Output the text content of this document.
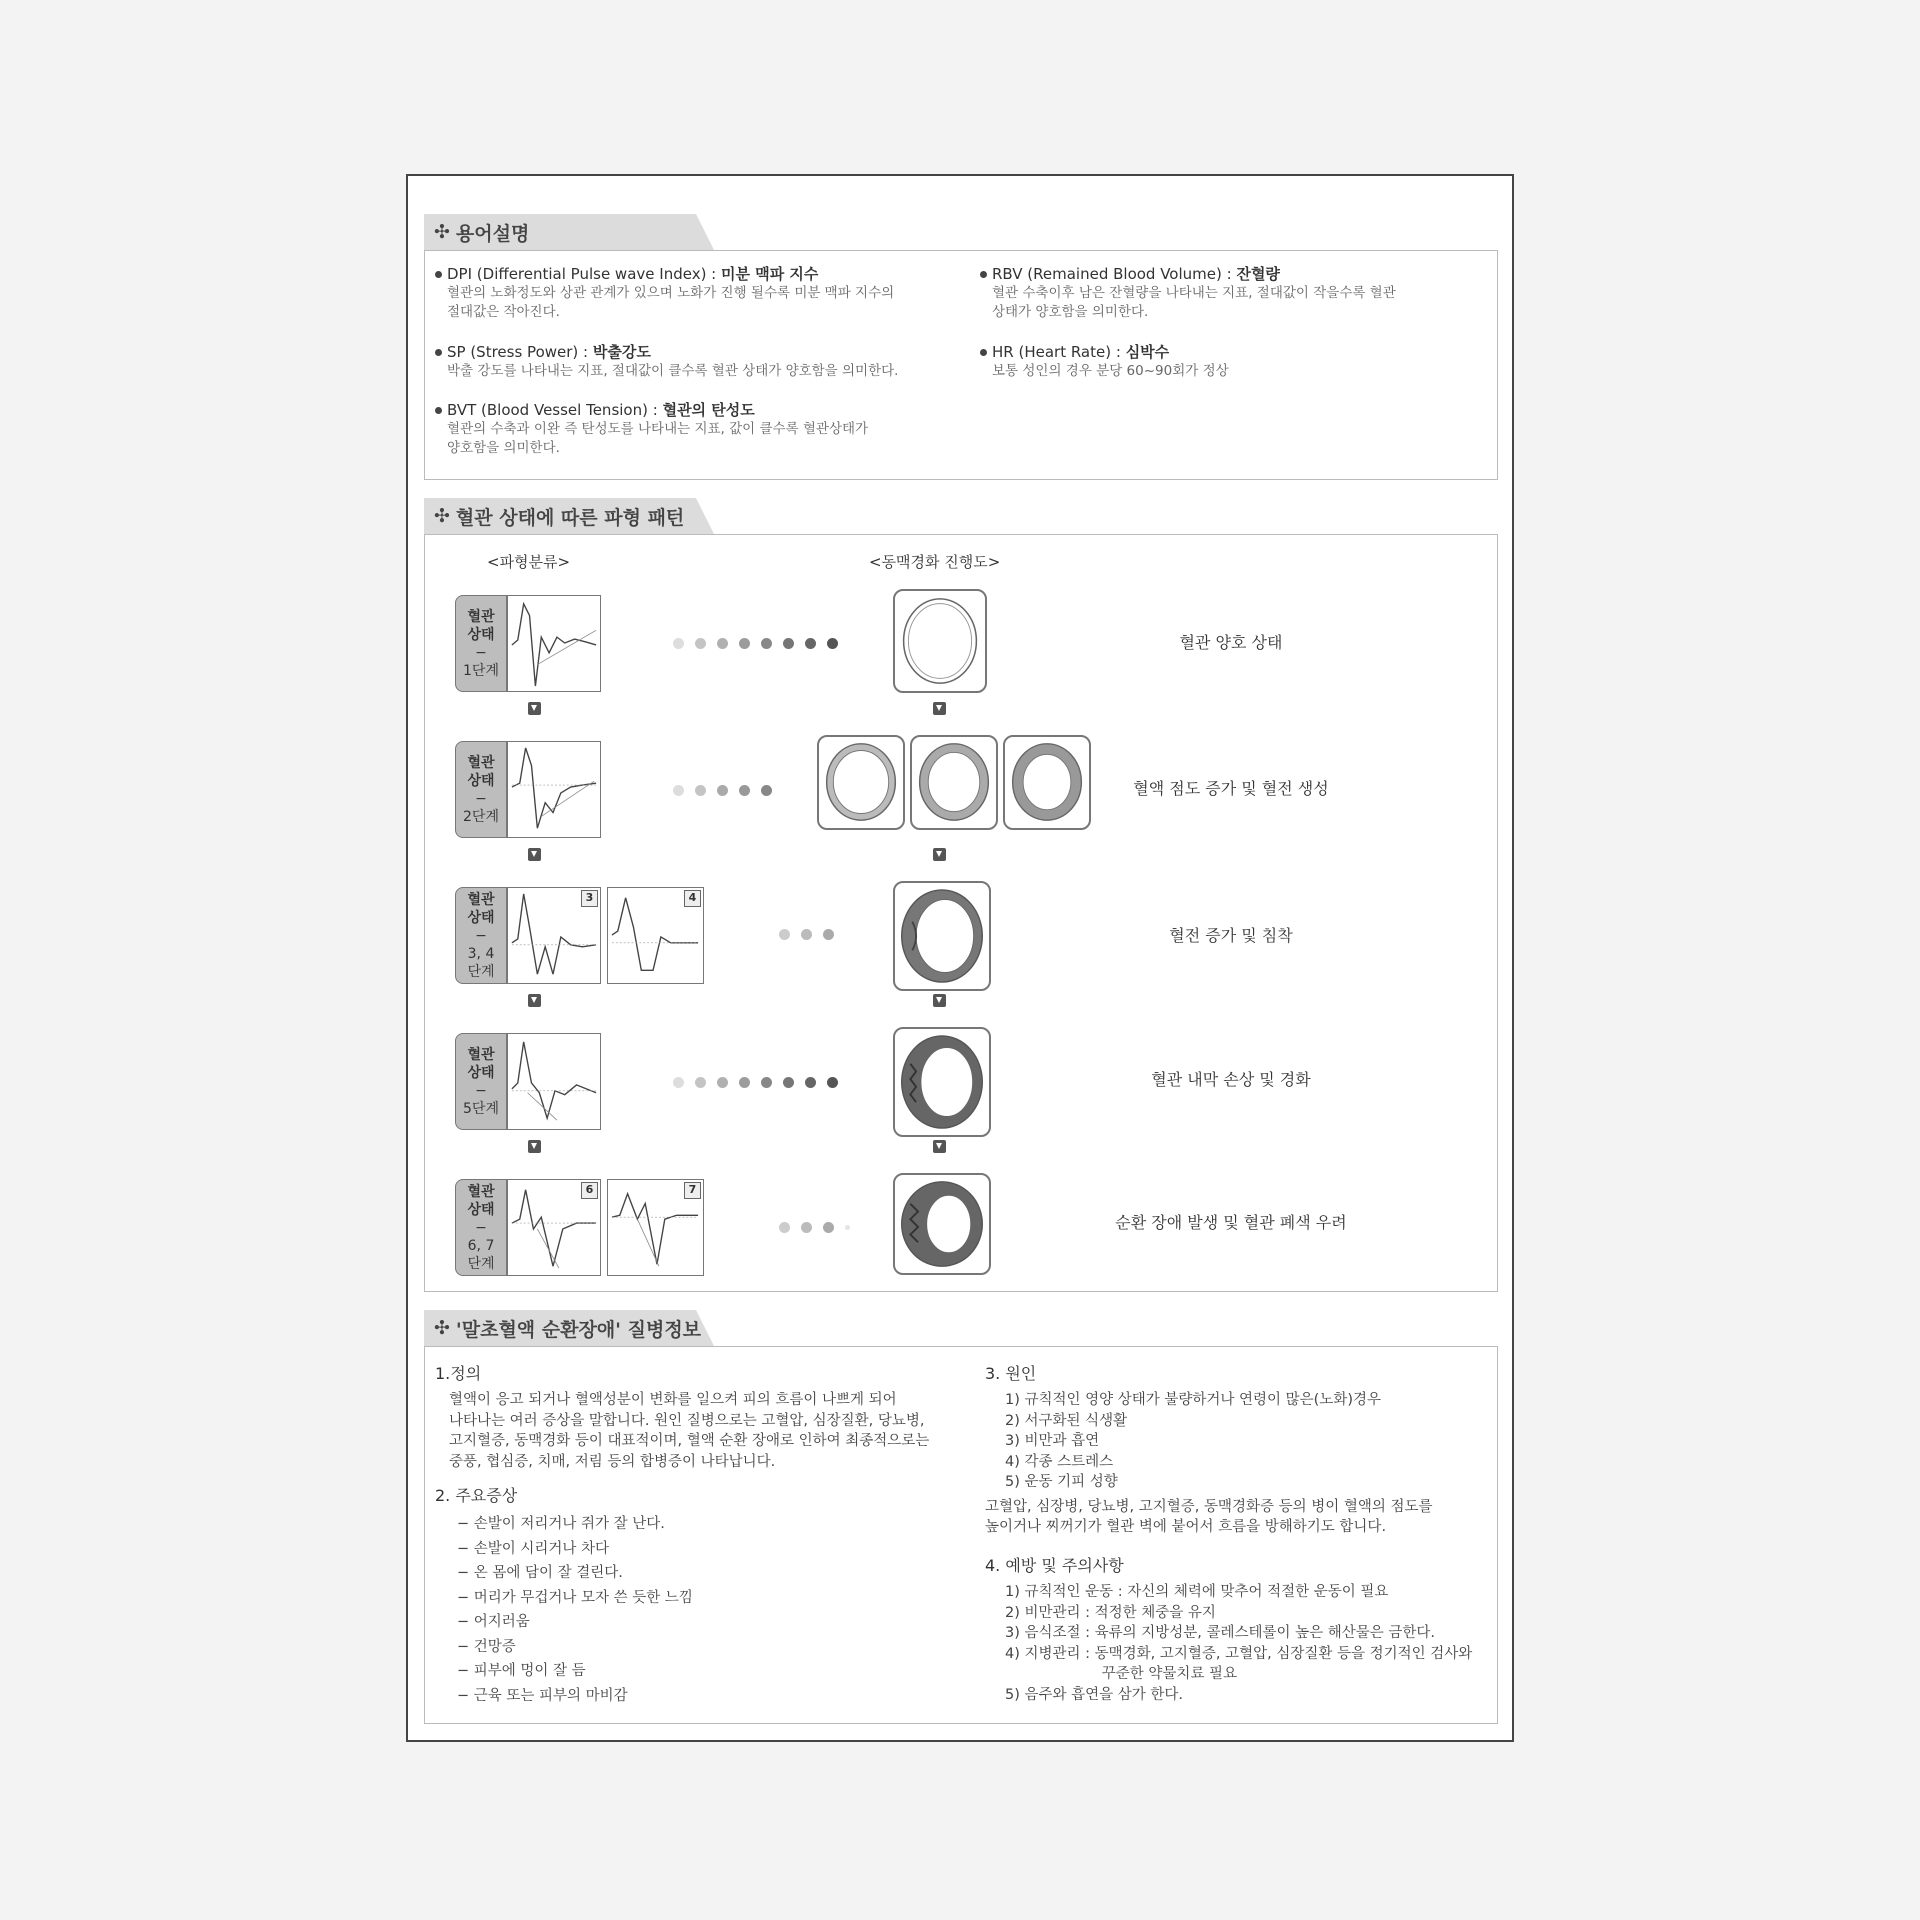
✣ 용어설명
DPI (Differential Pulse wave Index) : 미분 맥파 지수
혈관의 노화정도와 상관 관계가 있으며 노화가 진행 될수록 미분 맥파 지수의
절대값은 작아진다.
SP (Stress Power) : 박출강도
박출 강도를 나타내는 지표, 절대값이 클수록 혈관 상태가 양호함을 의미한다.
BVT (Blood Vessel Tension) : 혈관의 탄성도
혈관의 수축과 이완 즉 탄성도를 나타내는 지표, 값이 클수록 혈관상태가
양호함을 의미한다.
RBV (Remained Blood Volume) : 잔혈량
혈관 수축이후 남은 잔혈량을 나타내는 지표, 절대값이 작을수록 혈관
상태가 양호함을 의미한다.
HR (Heart Rate) : 심박수
보통 성인의 경우 분당 60~90회가 정상
✣ 혈관 상태에 따른 파형 패턴
<파형분류>	<동맥경화 진행도>
혈관
상태
−
1단계
혈관 양호 상태
혈관
상태
−
2단계
혈액 점도 증가 및 혈전 생성
혈관
상태
−
3, 4
단계
3	4
혈전 증가 및 침착
혈관
상태
−
5단계
혈관 내막 손상 및 경화
혈관
상태
−
6, 7
단계
6	7
순환 장애 발생 및 혈관 폐색 우려
✣ '말초혈액 순환장애' 질병정보
1.정의
혈액이 응고 되거나 혈액성분이 변화를 일으켜 피의 흐름이 나쁘게 되어
나타나는 여러 증상을 말합니다. 원인 질병으로는 고혈압, 심장질환, 당뇨병,
고지혈증, 동맥경화 등이 대표적이며, 혈액 순환 장애로 인하여 최종적으로는
중풍, 협심증, 치매, 저림 등의 합병증이 나타납니다.
2. 주요증상
− 손발이 저리거나 쥐가 잘 난다.
− 손발이 시리거나 차다
− 온 몸에 담이 잘 결린다.
− 머리가 무겁거나 모자 쓴 듯한 느낌
− 어지러움
− 건망증
− 피부에 멍이 잘 듬
− 근육 또는 피부의 마비감
3. 원인
1) 규칙적인 영양 상태가 불량하거나 연령이 많은(노화)경우
2) 서구화된 식생활
3) 비만과 흡연
4) 각종 스트레스
5) 운동 기피 성향
고혈압, 심장병, 당뇨병, 고지혈증, 동맥경화증 등의 병이 혈액의 점도를
높이거나 찌꺼기가 혈관 벽에 붙어서 흐름을 방해하기도 합니다.
4. 예방 및 주의사항
1) 규칙적인 운동 : 자신의 체력에 맞추어 적절한 운동이 필요
2) 비만관리 : 적정한 체중을 유지
3) 음식조절 : 육류의 지방성분, 콜레스테롤이 높은 해산물은 금한다.
4) 지병관리 : 동맥경화, 고지혈증, 고혈압, 심장질환 등을 정기적인 검사와
꾸준한 약물치료 필요
5) 음주와 흡연을 삼가 한다.
